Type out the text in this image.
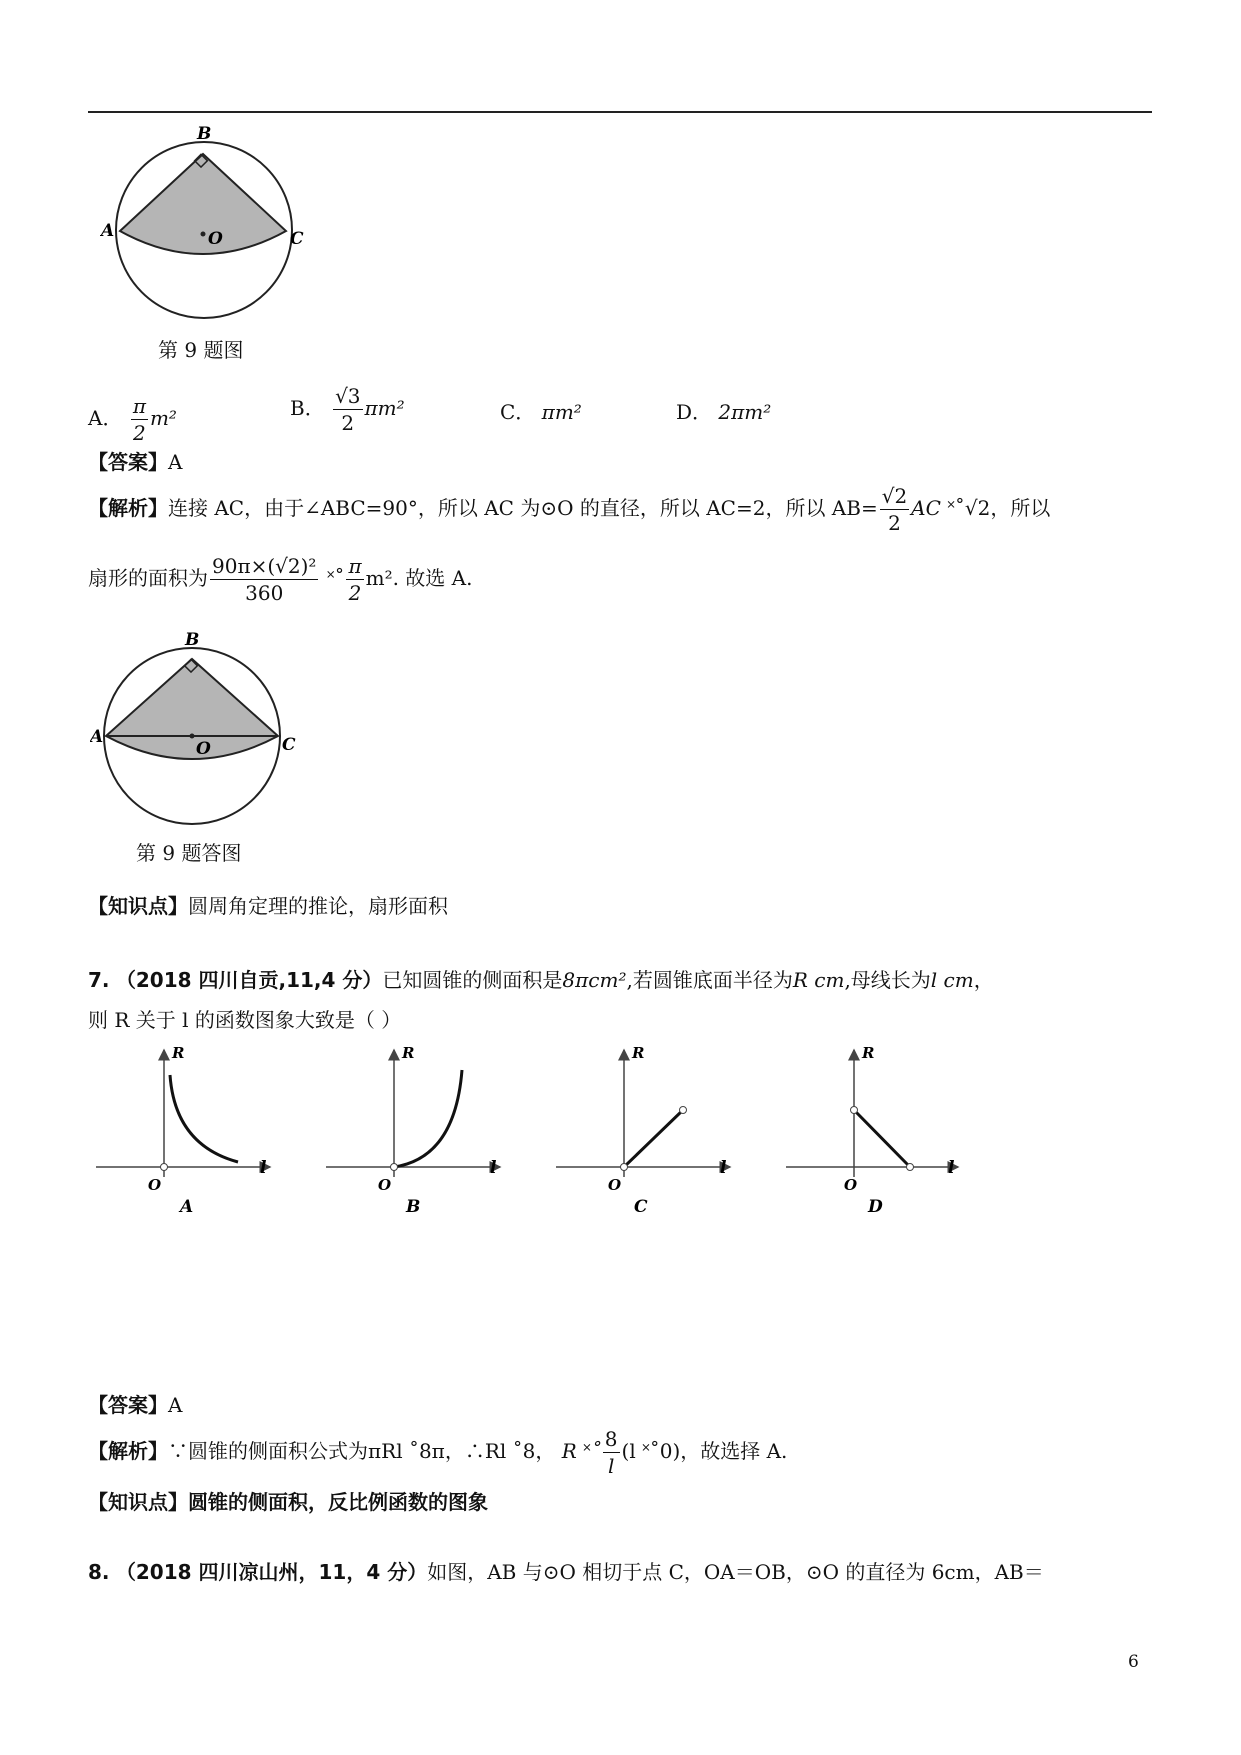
B
A	C
O
第 9 题图
A． $\frac{\pi}{2} m^2$	B． $\frac{√3}{2} \pi m^2$	C． πm²	D． 2πm²
【答案】A
【解析】连接 AC，由于∠ABC=90°，所以 AC 为⊙O 的直径，所以 AC=2，所以 $AB= \frac{√2}{2}$ AC ˟˚√2，所以
扇形的面积为 $\frac{\text{90π×(√2)²}}{360}$ ˟˚ $\frac{\pi}{2} m^2$. 故选 A.
B
A	C
O
第 9 题答图
【知识点】圆周角定理的推论，扇形面积
7. （2018 四川自贡,11,4 分）已知圆锥的侧面积是8πcm²,若圆锥底面半径为R cm,母线长为l cm，
则 R 关于 l 的函数图象大致是（ ）
R
l
O
A
R
l
O
B
R
l
O
C
R
l
O
D
【答案】A
【解析】∵圆锥的侧面积公式为πRl ˚8π，∴Rl ˚8， R ˟˚ $\frac{8}{l} (l$ ˟˚0)，故选择 A.
【知识点】圆锥的侧面积，反比例函数的图象
8. （2018 四川凉山州，11，4 分）如图，AB 与⊙O 相切于点 C，OA＝OB，⊙O 的直径为 6cm，AB＝
6
